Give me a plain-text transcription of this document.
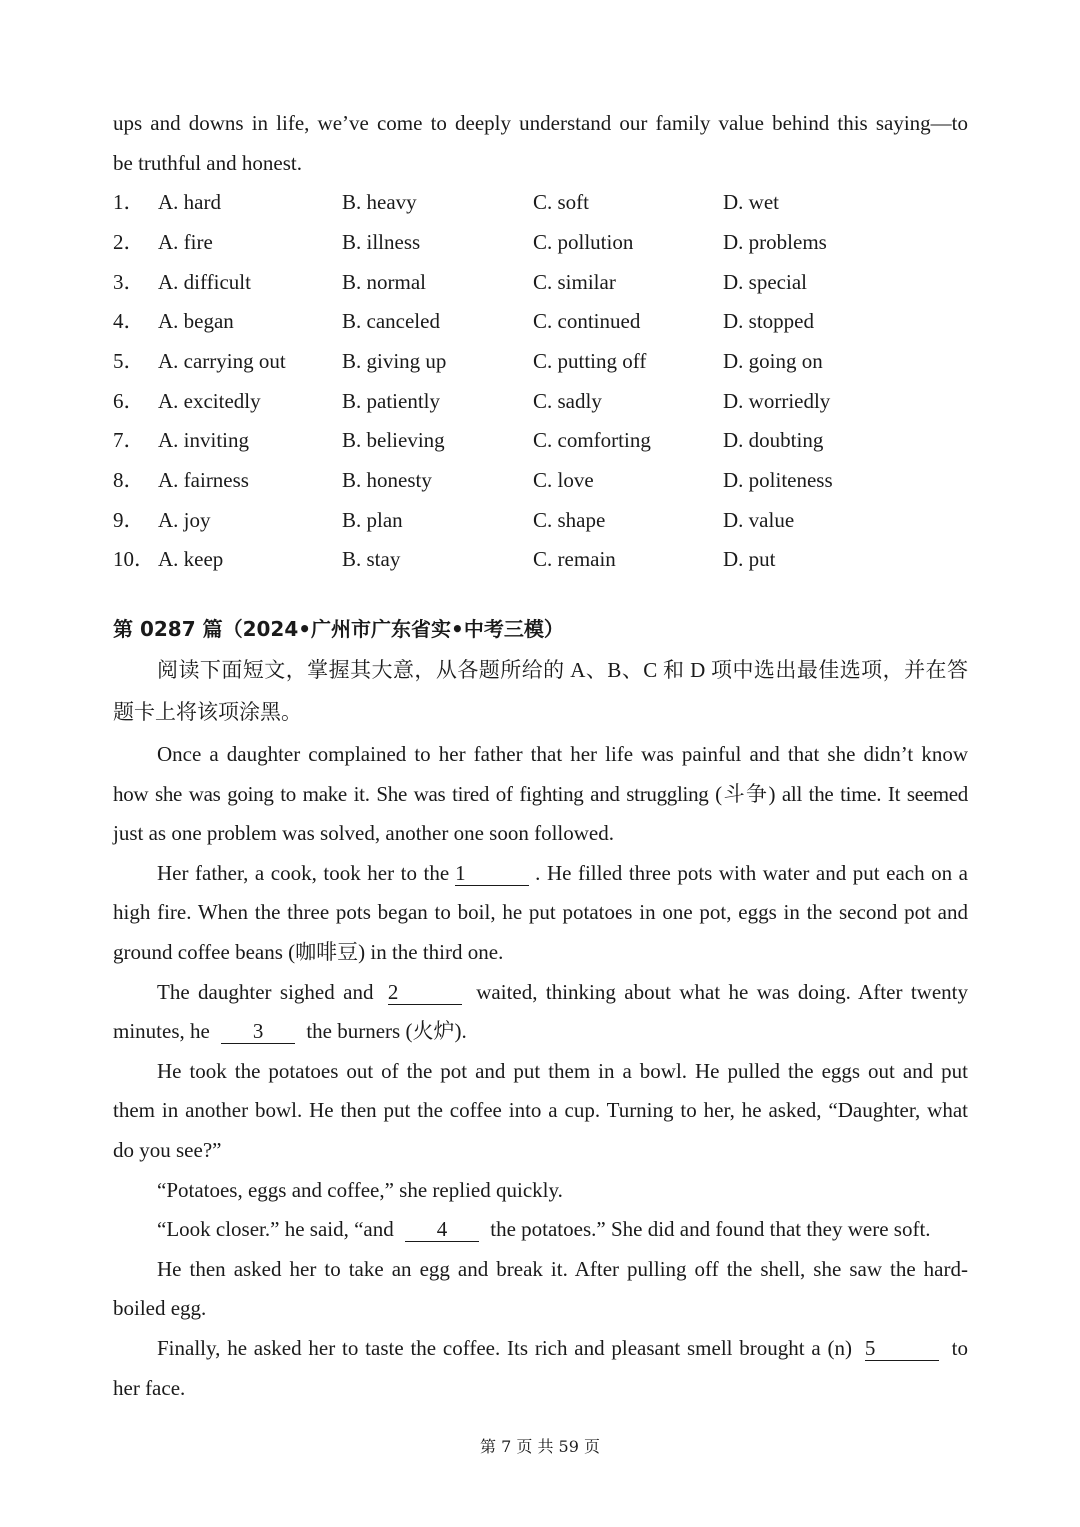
ups and downs in life, we’ve come to deeply understand our family value behind this saying—to
be truthful and honest.
1． A. hard	B. heavy	C. soft	D. wet
2． A. fire	B. illness	C. pollution	D. problems
3． A. difficult	B. normal	C. similar	D. special
4． A. began	B. canceled	C. continued	D. stopped
5． A. carrying out	B. giving up	C. putting off	D. going on
6． A. excitedly	B. patiently	C. sadly	D. worriedly
7． A. inviting	B. believing	C. comforting	D. doubting
8． A. fairness	B. honesty	C. love	D. politeness
9． A. joy	B. plan	C. shape	D. value
10． A. keep	B. stay	C. remain	D. put
第 0287 篇（2024•广州市广东省实•中考三模）
阅读下面短文，掌握其大意，从各题所给的 A、B、C 和 D 项中选出最佳选项，并在答
题卡上将该项涂黑。
Once a daughter complained to her father that her life was painful and that she didn’t know
how she was going to make it. She was tired of fighting and struggling (斗争) all the time. It seemed
just as one problem was solved, another one soon followed.
Her father, a cook, took her to the 1	. He filled three pots with water and put each on a
high fire. When the three pots began to boil, he put potatoes in one pot, eggs in the second pot and
ground coffee beans (咖啡豆) in the third one.
The daughter sighed and 2	waited, thinking about what he was doing. After twenty
minutes, he 3 the burners (火炉).
He took the potatoes out of the pot and put them in a bowl. He pulled the eggs out and put
them in another bowl. He then put the coffee into a cup. Turning to her, he asked, “Daughter, what
do you see?”
“Potatoes, eggs and coffee,” she replied quickly.
“Look closer.” he said, “and 4 the potatoes.” She did and found that they were soft.
He then asked her to take an egg and break it. After pulling off the shell, she saw the hard-
boiled egg.
Finally, he asked her to taste the coffee. Its rich and pleasant smell brought a (n) 5	to
her face.
第 7 页 共 59 页
